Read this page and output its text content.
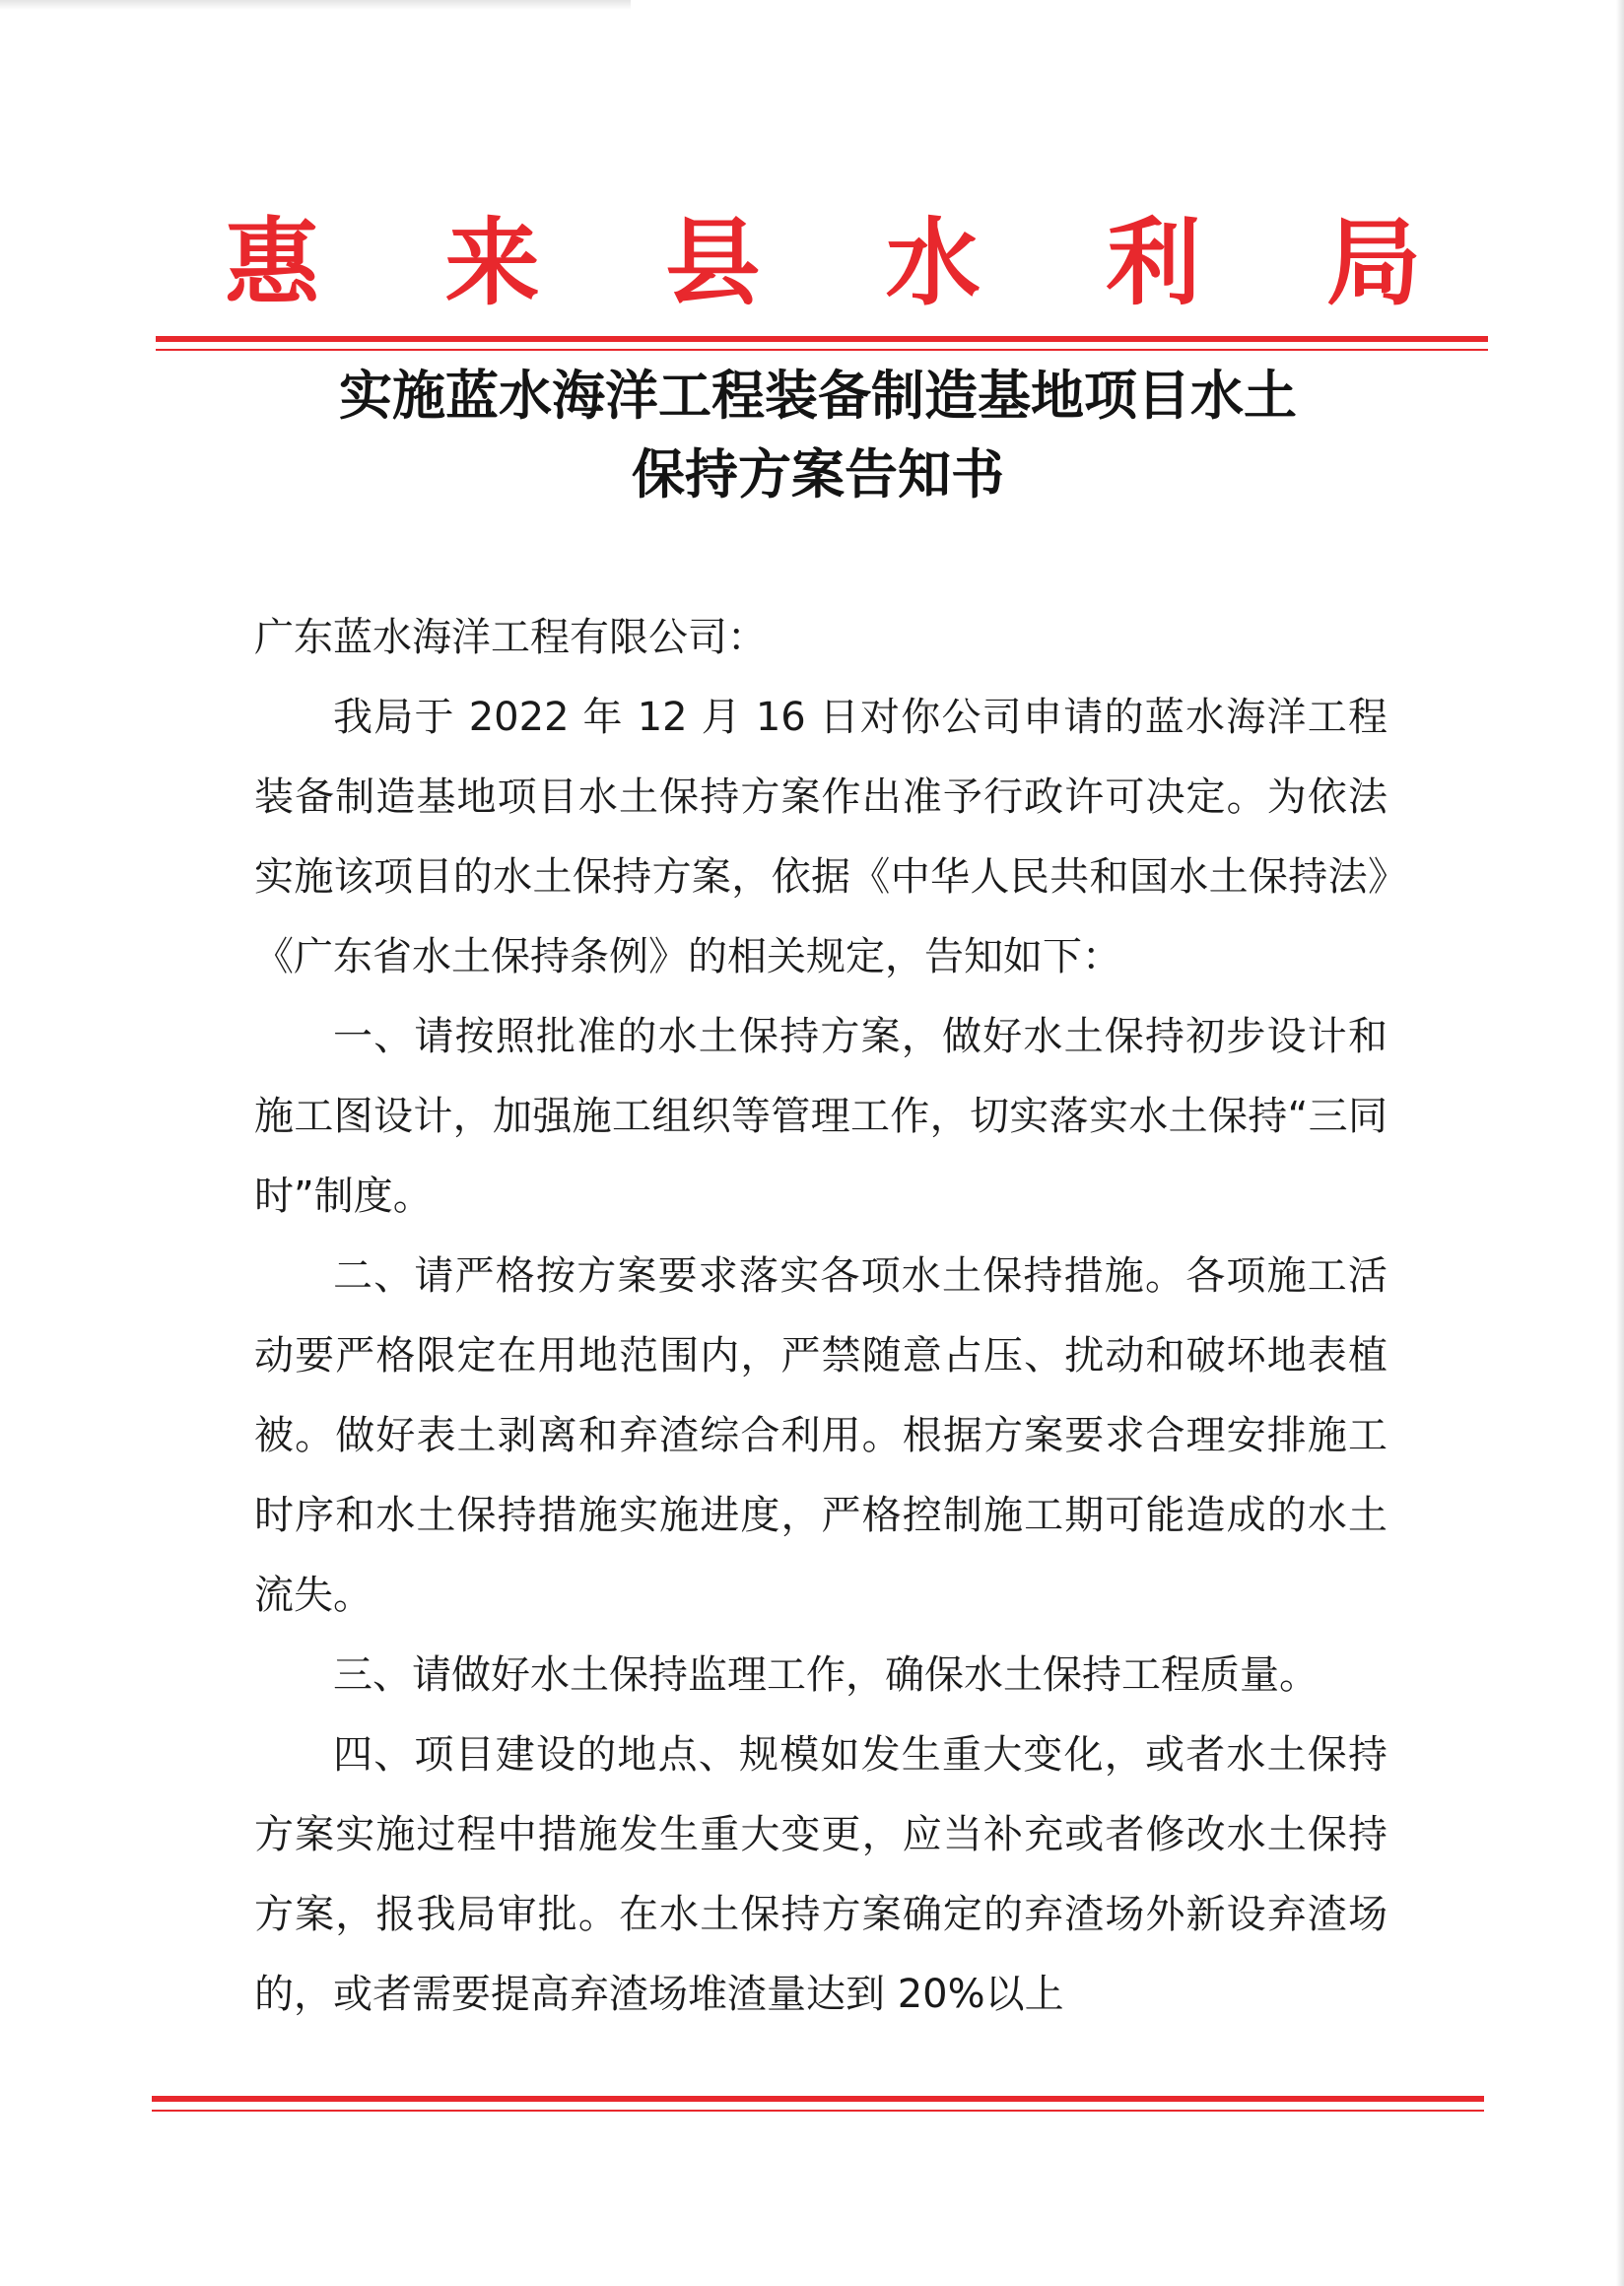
惠 来 县 水 利 局
实施蓝水海洋工程装备制造基地项目水土
保持方案告知书

广东蓝水海洋工程有限公司：

我局于 2022 年 12 月 16 日对你公司申请的蓝水海洋工程装备制造基地项目水土保持方案作出准予行政许可决定。为依法实施该项目的水土保持方案，依据《中华人民共和国水土保持法》《广东省水土保持条例》的相关规定，告知如下：

一、请按照批准的水土保持方案，做好水土保持初步设计和施工图设计，加强施工组织等管理工作，切实落实水土保持“三同时”制度。

二、请严格按方案要求落实各项水土保持措施。各项施工活动要严格限定在用地范围内，严禁随意占压、扰动和破坏地表植被。做好表土剥离和弃渣综合利用。根据方案要求合理安排施工时序和水土保持措施实施进度，严格控制施工期可能造成的水土流失。

三、请做好水土保持监理工作，确保水土保持工程质量。

四、项目建设的地点、规模如发生重大变化，或者水土保持方案实施过程中措施发生重大变更，应当补充或者修改水土保持方案，报我局审批。在水土保持方案确定的弃渣场外新设弃渣场的，或者需要提高弃渣场堆渣量达到 20%以上
